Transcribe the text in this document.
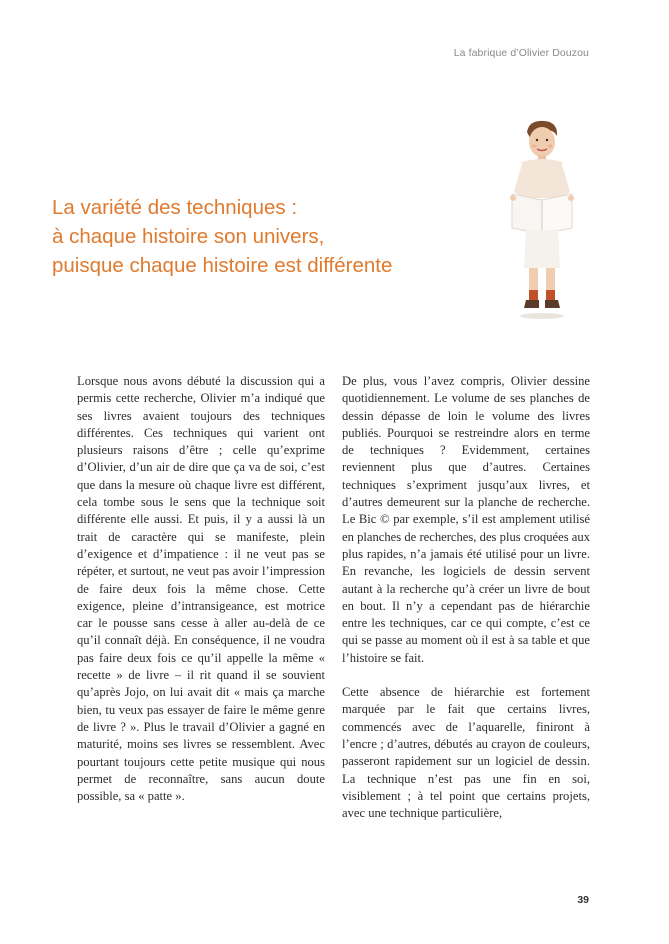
La fabrique d’Olivier Douzou
La variété des techniques :
à chaque histoire son univers,
puisque chaque histoire est différente

Lorsque nous avons débuté la discussion qui a permis cette recherche, Olivier m’a indiqué que ses livres avaient toujours des techniques différentes. Ces techniques qui varient ont plusieurs raisons d’être ; celle qu’exprime d’Olivier, d’un air de dire que ça va de soi, c’est que dans la mesure où chaque livre est différent, cela tombe sous le sens que la technique soit différente elle aussi. Et puis, il y a aussi là un trait de caractère qui se manifeste, plein d’exigence et d’impatience : il ne veut pas se répéter, et surtout, ne veut pas avoir l’impression de faire deux fois la même chose. Cette exigence, pleine d’intransigeance, est motrice car le pousse sans cesse à aller au-delà de ce qu’il connaît déjà. En conséquence, il ne voudra pas faire deux fois ce qu’il appelle la même « recette » de livre – il rit quand il se souvient qu’après Jojo, on lui avait dit « mais ça marche bien, tu veux pas essayer de faire le même genre de livre ? ». Plus le travail d’Olivier a gagné en maturité, moins ses livres se ressemblent. Avec pourtant toujours cette petite musique qui nous permet de reconnaître, sans aucun doute possible, sa « patte ».

De plus, vous l’avez compris, Olivier dessine quotidiennement. Le volume de ses planches de dessin dépasse de loin le volume des livres publiés. Pourquoi se restreindre alors en terme de techniques ? Evidemment, certaines reviennent plus que d’autres. Certaines techniques s’expriment jusqu’aux livres, et d’autres demeurent sur la planche de recherche. Le Bic © par exemple, s’il est amplement utilisé en planches de recherches, des plus croquées aux plus rapides, n’a jamais été utilisé pour un livre. En revanche, les logiciels de dessin servent autant à la recherche qu’à créer un livre de bout en bout. Il n’y a cependant pas de hiérarchie entre les techniques, car ce qui compte, c’est ce qui se passe au moment où il est à sa table et que l’histoire se fait.

Cette absence de hiérarchie est fortement marquée par le fait que certains livres, commencés avec de l’aquarelle, finiront à l’encre ; d’autres, débutés au crayon de couleurs, passeront rapidement sur un logiciel de dessin. La technique n’est pas une fin en soi, visiblement ; à tel point que certains projets, avec une technique particulière,

39
